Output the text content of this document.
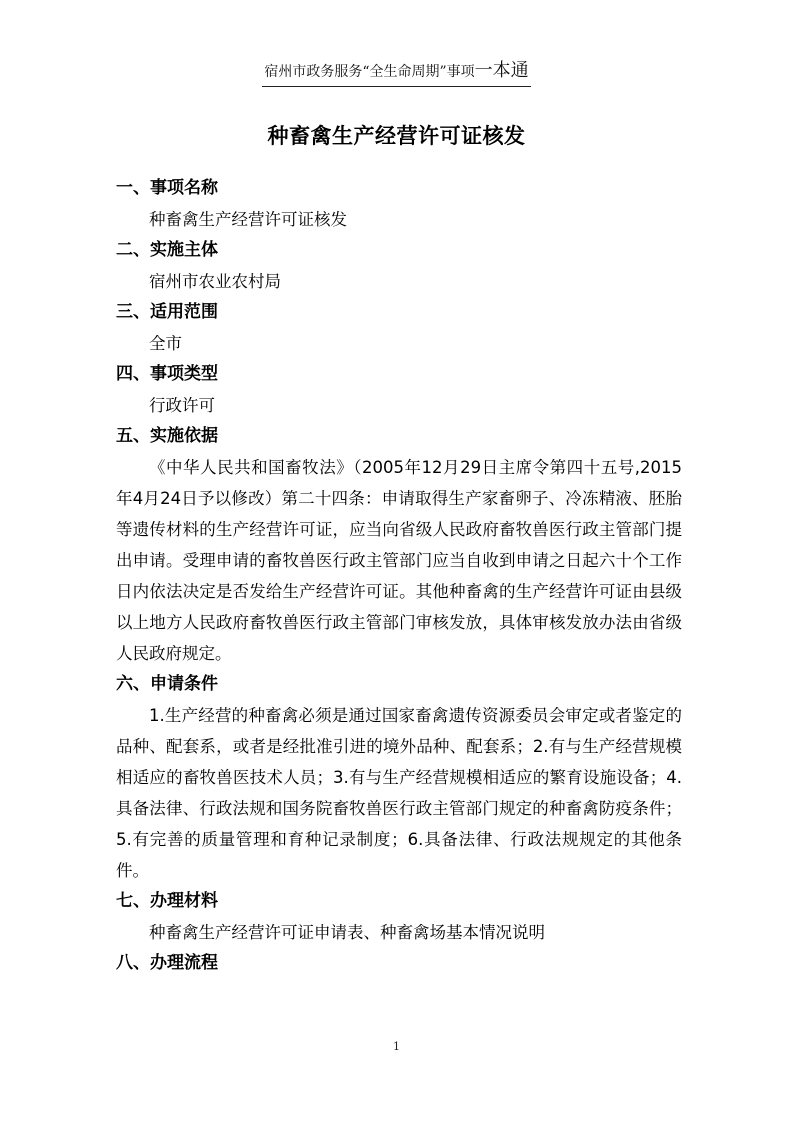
宿州市政务服务“全生命周期”事项一本通
种畜禽生产经营许可证核发

一、事项名称

种畜禽生产经营许可证核发

二、实施主体

宿州市农业农村局

三、适用范围

全市

四、事项类型

行政许可

五、实施依据

《中华人民共和国畜牧法》（2005年12月29日主席令第四十五号,2015年4月24日予以修改）第二十四条：申请取得生产家畜卵子、冷冻精液、胚胎等遗传材料的生产经营许可证，应当向省级人民政府畜牧兽医行政主管部门提出申请。受理申请的畜牧兽医行政主管部门应当自收到申请之日起六十个工作日内依法决定是否发给生产经营许可证。其他种畜禽的生产经营许可证由县级以上地方人民政府畜牧兽医行政主管部门审核发放，具体审核发放办法由省级人民政府规定。

六、申请条件

1.生产经营的种畜禽必须是通过国家畜禽遗传资源委员会审定或者鉴定的品种、配套系，或者是经批准引进的境外品种、配套系；2.有与生产经营规模相适应的畜牧兽医技术人员；3.有与生产经营规模相适应的繁育设施设备；4.具备法律、行政法规和国务院畜牧兽医行政主管部门规定的种畜禽防疫条件；5.有完善的质量管理和育种记录制度；6.具备法律、行政法规规定的其他条件。

七、办理材料

种畜禽生产经营许可证申请表、种畜禽场基本情况说明

八、办理流程

1
